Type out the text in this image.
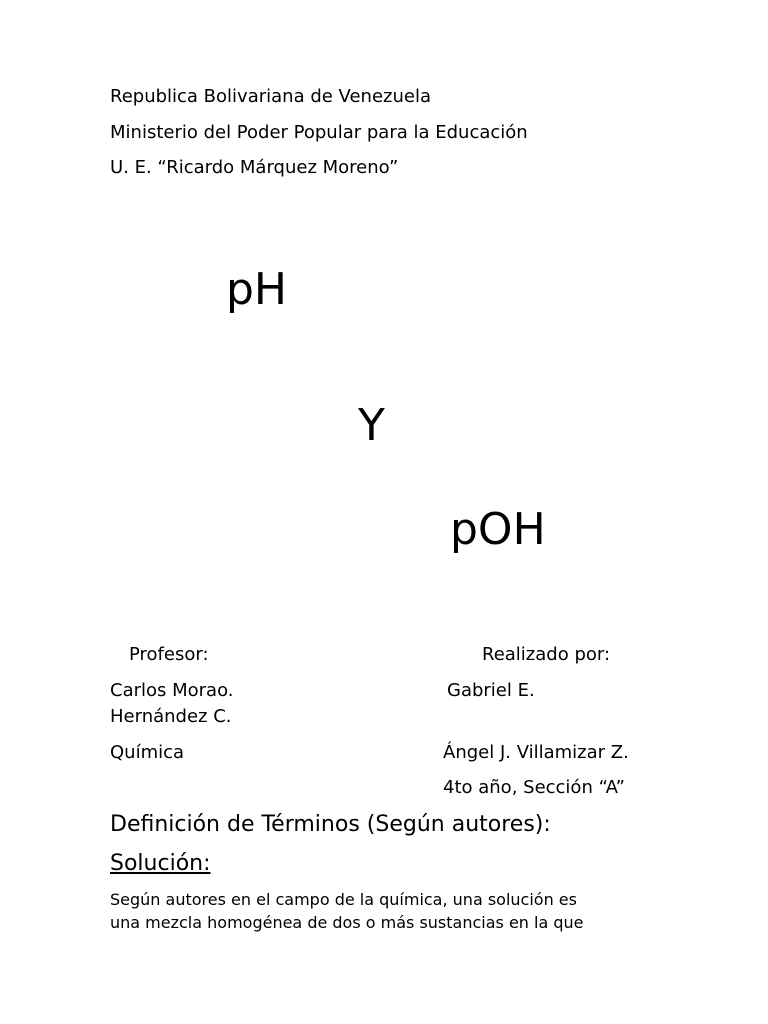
Republica Bolivariana de Venezuela

Ministerio del Poder Popular para la Educación

U. E. “Ricardo Márquez Moreno”

pH

Y

pOH

Profesor:	Realizado por:

Carlos Morao.	Gabriel E.

Hernández C.

Química	Ángel J. Villamizar Z.

4to año, Sección “A”

Definición de Términos (Según autores):

Solución:

Según autores en el campo de la química, una solución es

una mezcla homogénea de dos o más sustancias en la que
